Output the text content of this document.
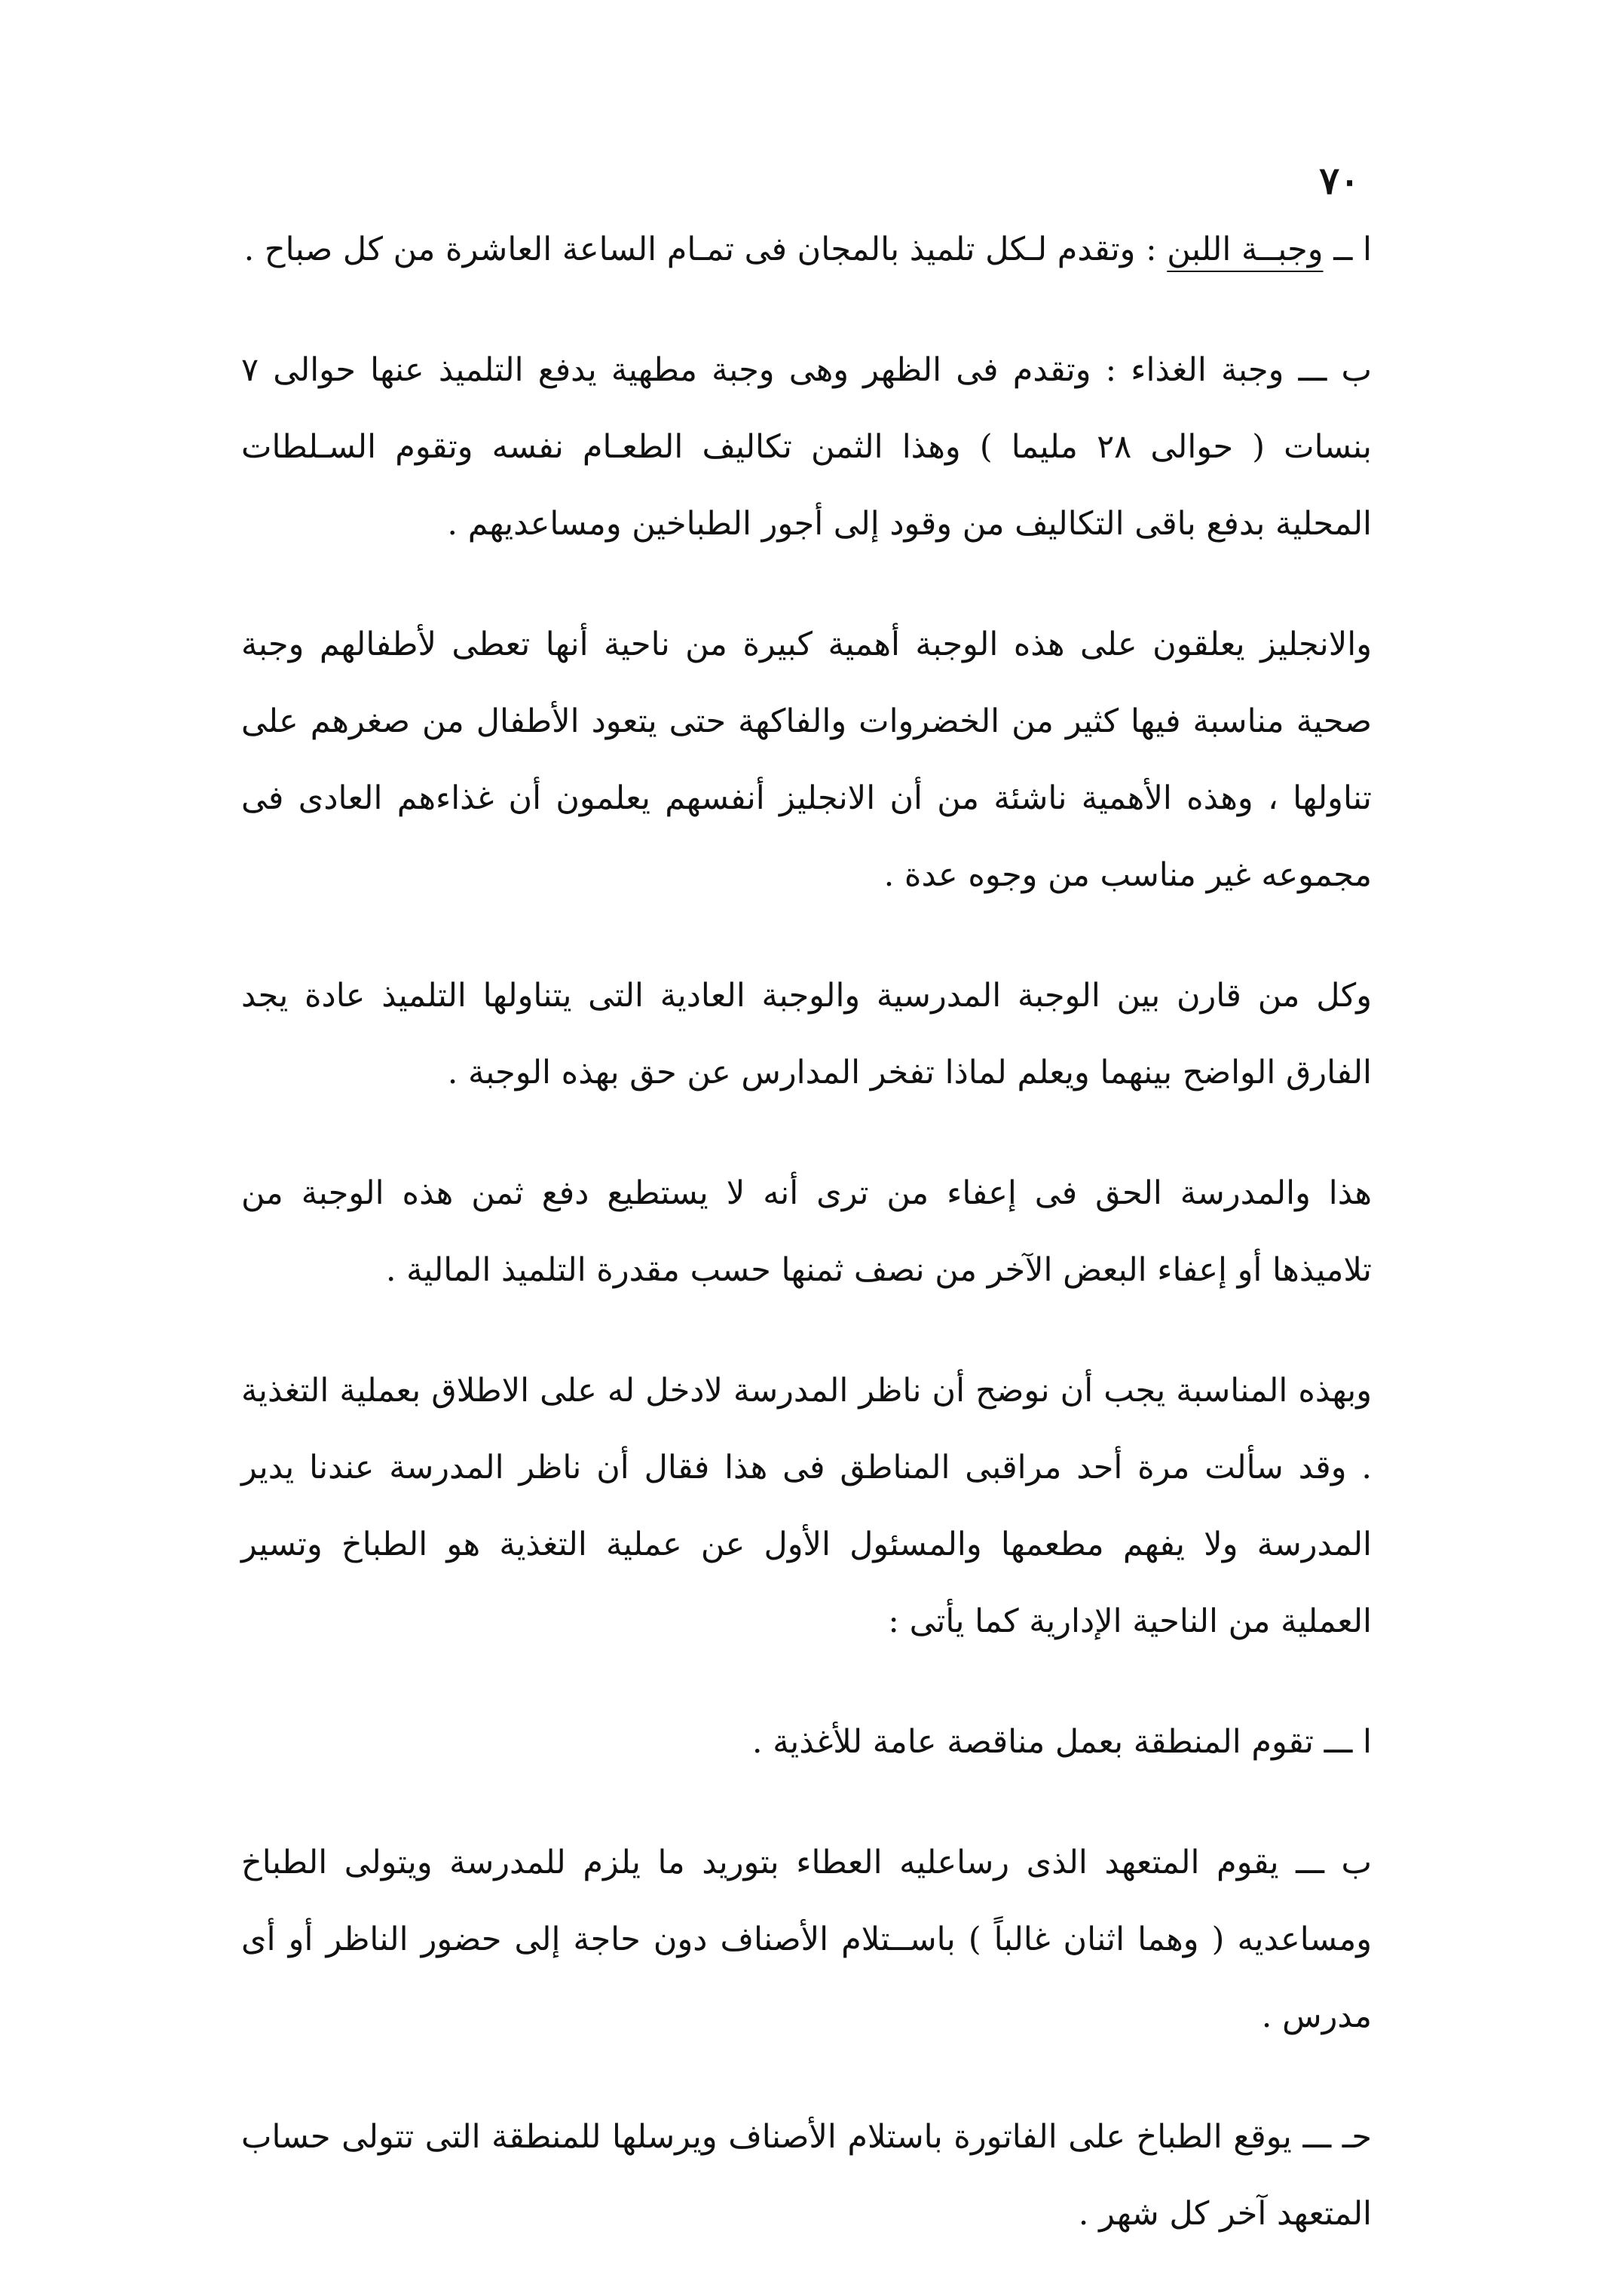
٧٠

ا ــ وجبــة اللبن : وتقدم لـكل تلميذ بالمجان فى تمـام الساعة العاشرة من كل صباح .

ب ـــ وجبة الغذاء : وتقدم فى الظهر وهى وجبة مطهية يدفع التلميذ عنها حوالى ٧ بنسات ( حوالى ٢٨ مليما ) وهذا الثمن تكاليف الطعـام نفسه وتقوم السـلطات المحلية بدفع باقى التكاليف من وقود إلى أجور الطباخين ومساعديهم .

والانجليز يعلقون على هذه الوجبة أهمية كبيرة من ناحية أنها تعطى لأطفالهم وجبة صحية مناسبة فيها كثير من الخضروات والفاكهة حتى يتعود الأطفال من صغرهم على تناولها ، وهذه الأهمية ناشئة من أن الانجليز أنفسهم يعلمون أن غذاءهم العادى فى مجموعه غير مناسب من وجوه عدة .

وكل من قارن بين الوجبة المدرسية والوجبة العادية التى يتناولها التلميذ عادة يجد الفارق الواضح بينهما ويعلم لماذا تفخر المدارس عن حق بهذه الوجبة .

هذا والمدرسة الحق فى إعفاء من ترى أنه لا يستطيع دفع ثمن هذه الوجبة من تلاميذها أو إعفاء البعض الآخر من نصف ثمنها حسب مقدرة التلميذ المالية .

وبهذه المناسبة يجب أن نوضح أن ناظر المدرسة لادخل له على الاطلاق بعملية التغذية . وقد سألت مرة أحد مراقبى المناطق فى هذا فقال أن ناظر المدرسة عندنا يدير المدرسة ولا يفهم مطعمها والمسئول الأول عن عملية التغذية هو الطباخ وتسير العملية من الناحية الإدارية كما يأتى :

ا ـــ تقوم المنطقة بعمل مناقصة عامة للأغذية .

ب ـــ يقوم المتعهد الذى رساعليه العطاء بتوريد ما يلزم للمدرسة ويتولى الطباخ ومساعديه ( وهما اثنان غالباً ) باســتلام الأصناف دون حاجة إلى حضور الناظر أو أى مدرس .

حـ ـــ يوقع الطباخ على الفاتورة باستلام الأصناف ويرسلها للمنطقة التى تتولى حساب المتعهد آخر كل شهر .
